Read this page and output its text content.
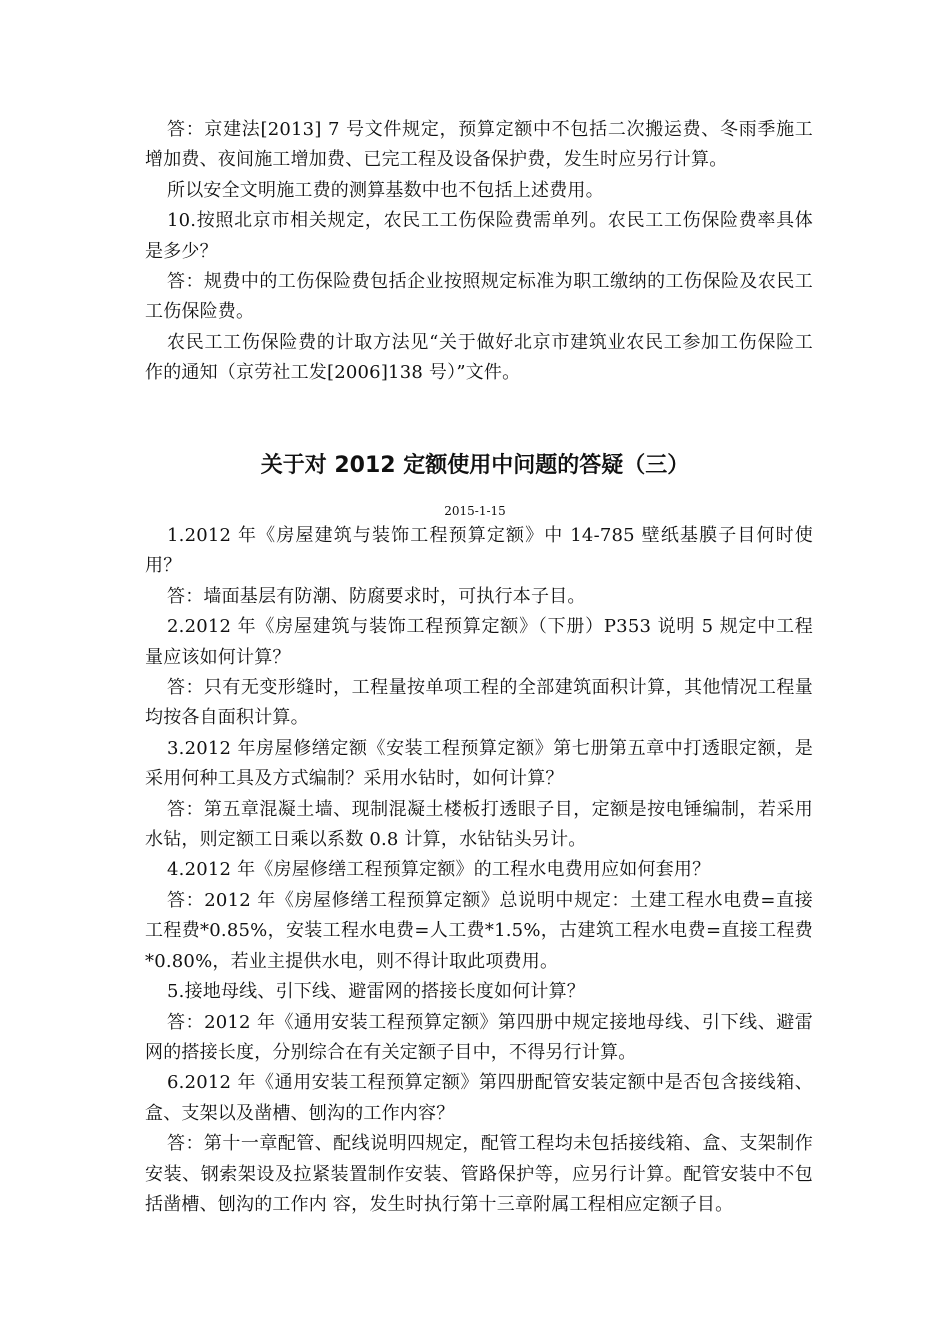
答：京建法[2013] 7 号文件规定，预算定额中不包括二次搬运费、冬雨季施工增加费、夜间施工增加费、已完工程及设备保护费，发生时应另行计算。

所以安全文明施工费的测算基数中也不包括上述费用。

10.按照北京市相关规定，农民工工伤保险费需单列。农民工工伤保险费率具体是多少？

答：规费中的工伤保险费包括企业按照规定标准为职工缴纳的工伤保险及农民工工伤保险费。

农民工工伤保险费的计取方法见“关于做好北京市建筑业农民工参加工伤保险工作的通知（京劳社工发[2006]138 号）”文件。

关于对 2012 定额使用中问题的答疑（三）
2015-1-15

1.2012 年《房屋建筑与装饰工程预算定额》中 14-785 壁纸基膜子目何时使用？

答：墙面基层有防潮、防腐要求时，可执行本子目。

2.2012 年《房屋建筑与装饰工程预算定额》（下册）P353 说明 5 规定中工程量应该如何计算？

答：只有无变形缝时，工程量按单项工程的全部建筑面积计算，其他情况工程量均按各自面积计算。

3.2012 年房屋修缮定额《安装工程预算定额》第七册第五章中打透眼定额，是采用何种工具及方式编制？采用水钻时，如何计算？

答：第五章混凝土墙、现制混凝土楼板打透眼子目，定额是按电锤编制，若采用水钻，则定额工日乘以系数 0.8 计算，水钻钻头另计。

4.2012 年《房屋修缮工程预算定额》的工程水电费用应如何套用？

答：2012 年《房屋修缮工程预算定额》总说明中规定：土建工程水电费=直接工程费*0.85%，安装工程水电费=人工费*1.5%，古建筑工程水电费=直接工程费*0.80%，若业主提供水电，则不得计取此项费用。

5.接地母线、引下线、避雷网的搭接长度如何计算？

答：2012 年《通用安装工程预算定额》第四册中规定接地母线、引下线、避雷网的搭接长度，分别综合在有关定额子目中，不得另行计算。

6.2012 年《通用安装工程预算定额》第四册配管安装定额中是否包含接线箱、盒、支架以及凿槽、刨沟的工作内容？

答：第十一章配管、配线说明四规定，配管工程均未包括接线箱、盒、支架制作安装、钢索架设及拉紧装置制作安装、管路保护等，应另行计算。配管安装中不包括凿槽、刨沟的工作内 容，发生时执行第十三章附属工程相应定额子目。
